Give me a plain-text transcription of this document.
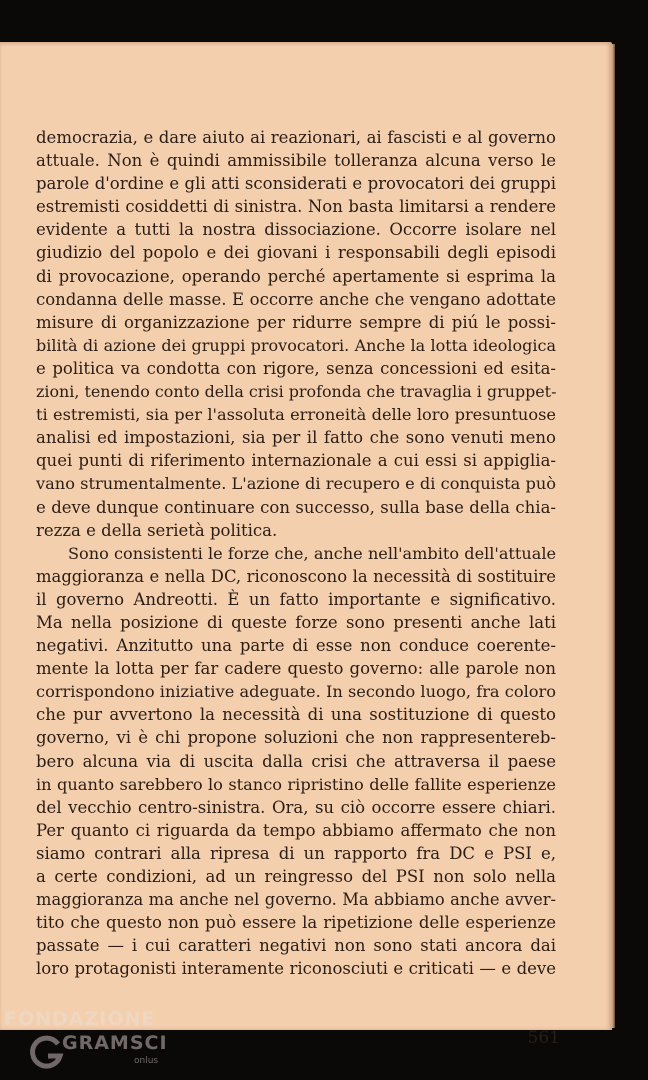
democrazia, e dare aiuto ai reazionari, ai fascisti e al governo
attuale. Non è quindi ammissibile tolleranza alcuna verso le
parole d'ordine e gli atti sconsiderati e provocatori dei gruppi
estremisti cosiddetti di sinistra. Non basta limitarsi a rendere
evidente a tutti la nostra dissociazione. Occorre isolare nel
giudizio del popolo e dei giovani i responsabili degli episodi
di provocazione, operando perché apertamente si esprima la
condanna delle masse. E occorre anche che vengano adottate
misure di organizzazione per ridurre sempre di piú le possi-
bilità di azione dei gruppi provocatori. Anche la lotta ideologica
e politica va condotta con rigore, senza concessioni ed esita-
zioni, tenendo conto della crisi profonda che travaglia i gruppet-
ti estremisti, sia per l'assoluta erroneità delle loro presuntuose
analisi ed impostazioni, sia per il fatto che sono venuti meno
quei punti di riferimento internazionale a cui essi si appiglia-
vano strumentalmente. L'azione di recupero e di conquista può
e deve dunque continuare con successo, sulla base della chia-
rezza e della serietà politica.

Sono consistenti le forze che, anche nell'ambito dell'attuale
maggioranza e nella DC, riconoscono la necessità di sostituire
il governo Andreotti. È un fatto importante e significativo.
Ma nella posizione di queste forze sono presenti anche lati
negativi. Anzitutto una parte di esse non conduce coerente-
mente la lotta per far cadere questo governo: alle parole non
corrispondono iniziative adeguate. In secondo luogo, fra coloro
che pur avvertono la necessità di una sostituzione di questo
governo, vi è chi propone soluzioni che non rappresentereb-
bero alcuna via di uscita dalla crisi che attraversa il paese
in quanto sarebbero lo stanco ripristino delle fallite esperienze
del vecchio centro-sinistra. Ora, su ciò occorre essere chiari.
Per quanto ci riguarda da tempo abbiamo affermato che non
siamo contrari alla ripresa di un rapporto fra DC e PSI e,
a certe condizioni, ad un reingresso del PSI non solo nella
maggioranza ma anche nel governo. Ma abbiamo anche avver-
tito che questo non può essere la ripetizione delle esperienze
passate — i cui caratteri negativi non sono stati ancora dai
loro protagonisti interamente riconosciuti e criticati — e deve

561
FONDAZIONE
GRAMSCI
onlus
